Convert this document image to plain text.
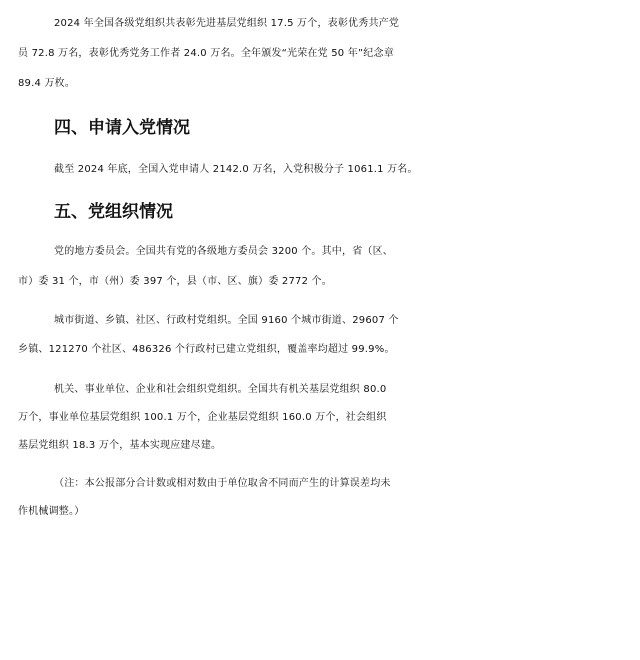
2024 年全国各级党组织共表彰先进基层党组织 17.5 万个，表彰优秀共产党
员 72.8 万名，表彰优秀党务工作者 24.0 万名。全年颁发“光荣在党 50 年”纪念章
89.4 万枚。
四、申请入党情况
截至 2024 年底，全国入党申请人 2142.0 万名，入党积极分子 1061.1 万名。
五、党组织情况
党的地方委员会。全国共有党的各级地方委员会 3200 个。其中，省（区、
市）委 31 个，市（州）委 397 个，县（市、区、旗）委 2772 个。
城市街道、乡镇、社区、行政村党组织。全国 9160 个城市街道、29607 个
乡镇、121270 个社区、486326 个行政村已建立党组织，覆盖率均超过 99.9%。
机关、事业单位、企业和社会组织党组织。全国共有机关基层党组织 80.0
万个，事业单位基层党组织 100.1 万个，企业基层党组织 160.0 万个，社会组织
基层党组织 18.3 万个，基本实现应建尽建。
（注：本公报部分合计数或相对数由于单位取舍不同而产生的计算误差均未
作机械调整。）
